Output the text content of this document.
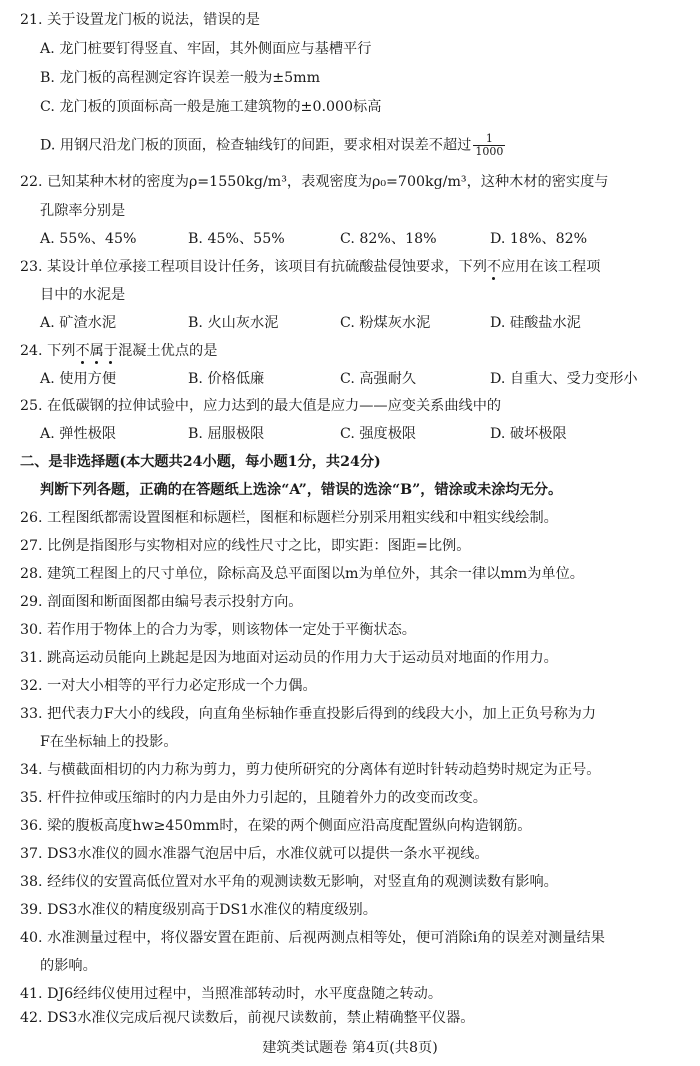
21. 关于设置龙门板的说法，错误的是
A. 龙门桩要钉得竖直、牢固，其外侧面应与基槽平行
B. 龙门板的高程测定容许误差一般为±5mm
C. 龙门板的顶面标高一般是施工建筑物的±0.000标高
D. 用钢尺沿龙门板的顶面，检查轴线钉的间距，要求相对误差不超过 $\frac{1}{1000}$
22. 已知某种木材的密度为ρ=1550kg/m³，表观密度为ρ₀=700kg/m³，这种木材的密实度与
孔隙率分别是
A. 55%、45%	B. 45%、55%	C. 82%、18%	D. 18%、82%
23. 某设计单位承接工程项目设计任务，该项目有抗硫酸盐侵蚀要求，下列不应用在该工程项
目中的水泥是
A. 矿渣水泥	B. 火山灰水泥	C. 粉煤灰水泥	D. 硅酸盐水泥
24. 下列不属于混凝土优点的是
A. 使用方便	B. 价格低廉	C. 高强耐久	D. 自重大、受力变形小
25. 在低碳钢的拉伸试验中，应力达到的最大值是应力——应变关系曲线中的
A. 弹性极限	B. 屈服极限	C. 强度极限	D. 破坏极限
二、是非选择题(本大题共24小题，每小题1分，共24分)
判断下列各题，正确的在答题纸上选涂“A”，错误的选涂“B”，错涂或未涂均无分。
26. 工程图纸都需设置图框和标题栏，图框和标题栏分别采用粗实线和中粗实线绘制。
27. 比例是指图形与实物相对应的线性尺寸之比，即实距：图距=比例。
28. 建筑工程图上的尺寸单位，除标高及总平面图以m为单位外，其余一律以mm为单位。
29. 剖面图和断面图都由编号表示投射方向。
30. 若作用于物体上的合力为零，则该物体一定处于平衡状态。
31. 跳高运动员能向上跳起是因为地面对运动员的作用力大于运动员对地面的作用力。
32. 一对大小相等的平行力必定形成一个力偶。
33. 把代表力F大小的线段，向直角坐标轴作垂直投影后得到的线段大小，加上正负号称为力
F在坐标轴上的投影。
34. 与横截面相切的内力称为剪力，剪力使所研究的分离体有逆时针转动趋势时规定为正号。
35. 杆件拉伸或压缩时的内力是由外力引起的，且随着外力的改变而改变。
36. 梁的腹板高度hw≥450mm时，在梁的两个侧面应沿高度配置纵向构造钢筋。
37. DS3水准仪的圆水准器气泡居中后，水准仪就可以提供一条水平视线。
38. 经纬仪的安置高低位置对水平角的观测读数无影响，对竖直角的观测读数有影响。
39. DS3水准仪的精度级别高于DS1水准仪的精度级别。
40. 水准测量过程中，将仪器安置在距前、后视两测点相等处，便可消除i角的误差对测量结果
的影响。
41. DJ6经纬仪使用过程中，当照准部转动时，水平度盘随之转动。
42. DS3水准仪完成后视尺读数后，前视尺读数前，禁止精确整平仪器。
建筑类试题卷 第4页(共8页)
